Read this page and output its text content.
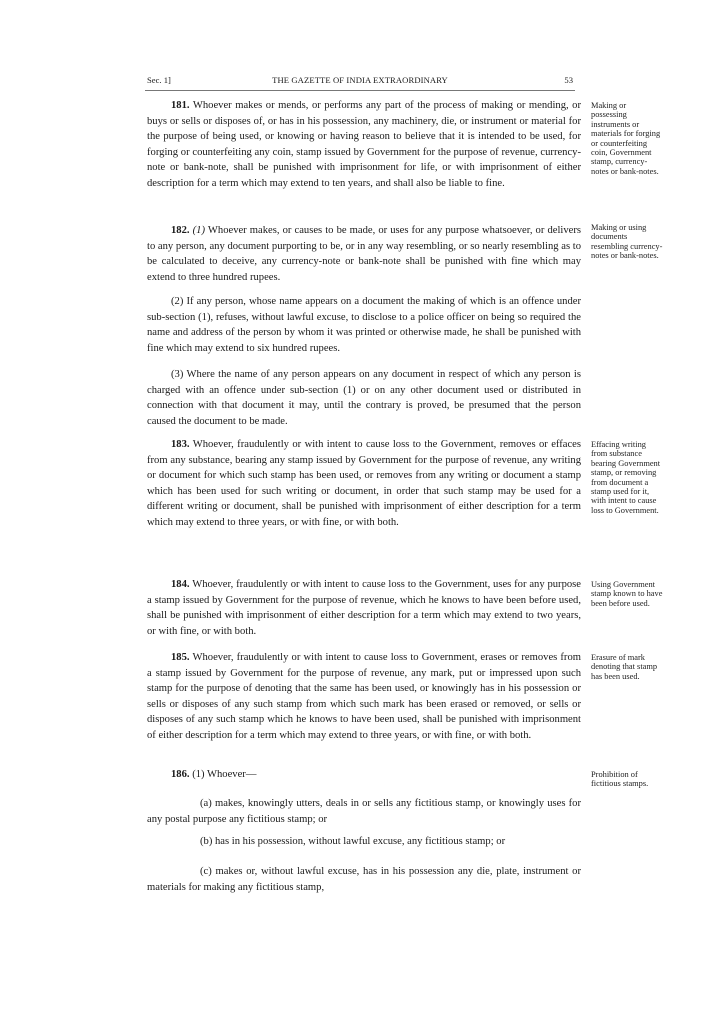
Sec. 1]	THE GAZETTE OF INDIA EXTRAORDINARY	53

181. Whoever makes or mends, or performs any part of the process of making or mending, or buys or sells or disposes of, or has in his possession, any machinery, die, or instrument or material for the purpose of being used, or knowing or having reason to believe that it is intended to be used, for forging or counterfeiting any coin, stamp issued by Government for the purpose of revenue, currency-note or bank-note, shall be punished with imprisonment for life, or with imprisonment of either description for a term which may extend to ten years, and shall also be liable to fine.

Making or possessing instruments or materials for forging or counterfeiting coin, Government stamp, currency-notes or bank-notes.

182. (1) Whoever makes, or causes to be made, or uses for any purpose whatsoever, or delivers to any person, any document purporting to be, or in any way resembling, or so nearly resembling as to be calculated to deceive, any currency-note or bank-note shall be punished with fine which may extend to three hundred rupees.

Making or using documents resembling currency-notes or bank-notes.

(2) If any person, whose name appears on a document the making of which is an offence under sub-section (1), refuses, without lawful excuse, to disclose to a police officer on being so required the name and address of the person by whom it was printed or otherwise made, he shall be punished with fine which may extend to six hundred rupees.

(3) Where the name of any person appears on any document in respect of which any person is charged with an offence under sub-section (1) or on any other document used or distributed in connection with that document it may, until the contrary is proved, be presumed that the person caused the document to be made.

183. Whoever, fraudulently or with intent to cause loss to the Government, removes or effaces from any substance, bearing any stamp issued by Government for the purpose of revenue, any writing or document for which such stamp has been used, or removes from any writing or document a stamp which has been used for such writing or document, in order that such stamp may be used for a different writing or document, shall be punished with imprisonment of either description for a term which may extend to three years, or with fine, or with both.

Effacing writing from substance bearing Government stamp, or removing from document a stamp used for it, with intent to cause loss to Government.

184. Whoever, fraudulently or with intent to cause loss to the Government, uses for any purpose a stamp issued by Government for the purpose of revenue, which he knows to have been before used, shall be punished with imprisonment of either description for a term which may extend to two years, or with fine, or with both.

Using Government stamp known to have been before used.

185. Whoever, fraudulently or with intent to cause loss to Government, erases or removes from a stamp issued by Government for the purpose of revenue, any mark, put or impressed upon such stamp for the purpose of denoting that the same has been used, or knowingly has in his possession or sells or disposes of any such stamp from which such mark has been erased or removed, or sells or disposes of any such stamp which he knows to have been used, shall be punished with imprisonment of either description for a term which may extend to three years, or with fine, or with both.

Erasure of mark denoting that stamp has been used.

186. (1) Whoever—	Prohibition of fictitious stamps.

(a) makes, knowingly utters, deals in or sells any fictitious stamp, or knowingly uses for any postal purpose any fictitious stamp; or

(b) has in his possession, without lawful excuse, any fictitious stamp; or

(c) makes or, without lawful excuse, has in his possession any die, plate, instrument or materials for making any fictitious stamp,
